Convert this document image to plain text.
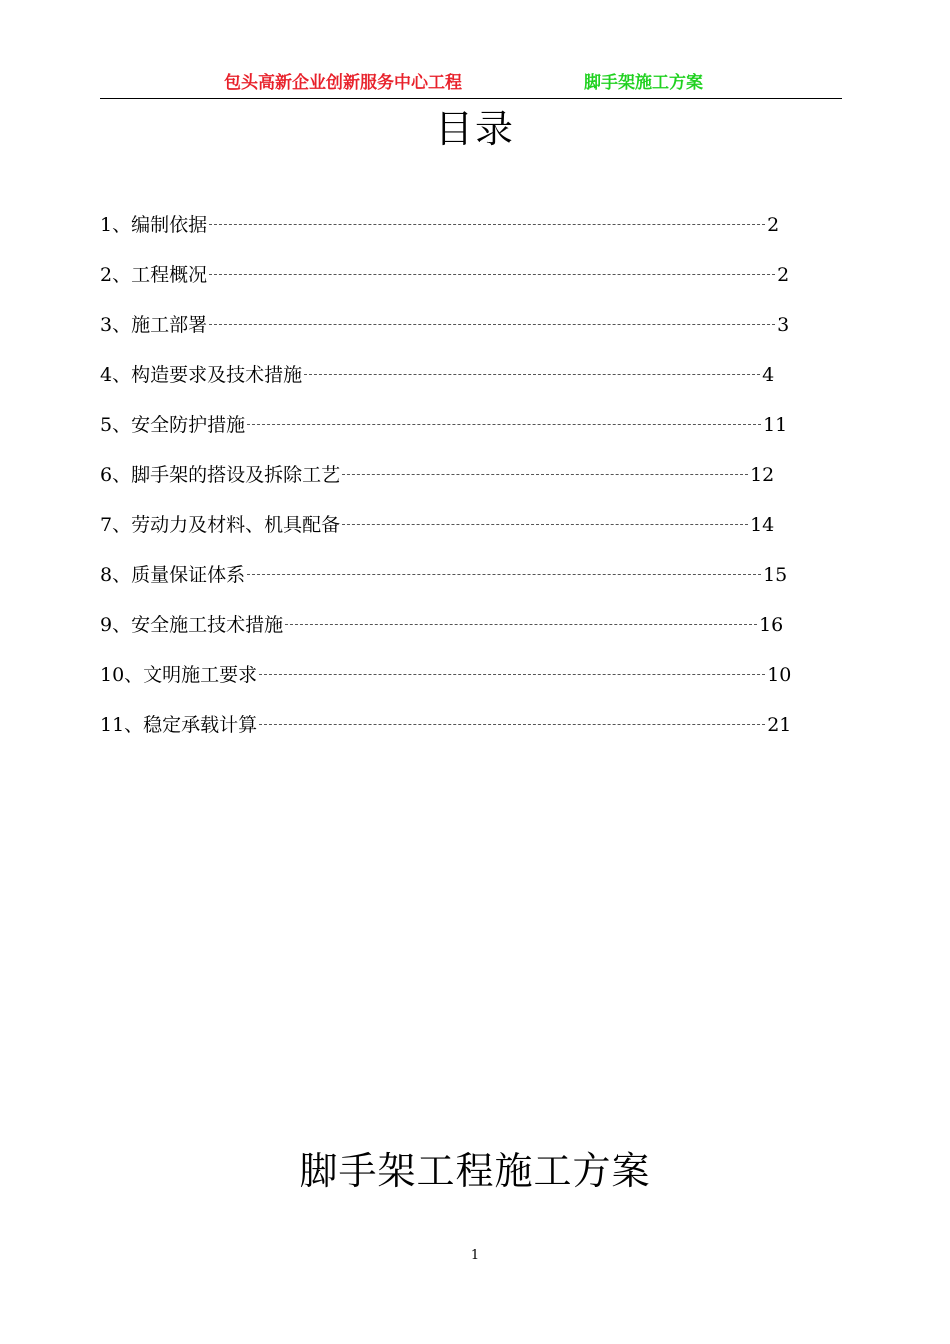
包头高新企业创新服务中心工程	脚手架施工方案
目录
1、编制依据	2
2、工程概况	2
3、施工部署	3
4、构造要求及技术措施	4
5、安全防护措施	11
6、脚手架的搭设及拆除工艺	12
7、劳动力及材料、机具配备	14
8、质量保证体系	15
9、安全施工技术措施	16
10、文明施工要求	10
11、稳定承载计算	21
脚手架工程施工方案
1
